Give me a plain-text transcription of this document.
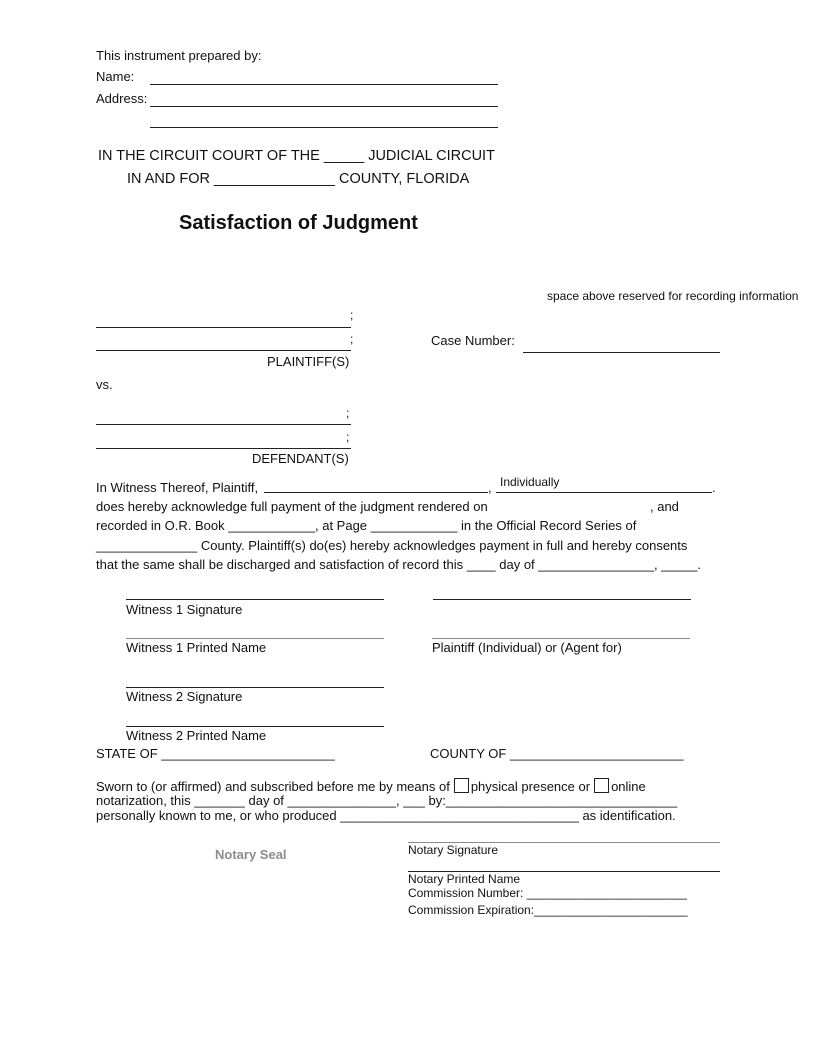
This instrument prepared by:
Name:
Address:
IN THE CIRCUIT COURT OF THE _____ JUDICIAL CIRCUIT
IN AND FOR _______________ COUNTY, FLORIDA
Satisfaction of Judgment
space above reserved for recording information
;
;
PLAINTIFF(S)
Case Number:
vs.
;
;
DEFENDANT(S)
In Witness Thereof, Plaintiff,	, Individually	.
does hereby acknowledge full payment of the judgment rendered on	, and
recorded in O.R. Book ____________, at Page ____________ in the Official Record Series of
______________ County. Plaintiff(s) do(es) hereby acknowledges payment in full and hereby consents
that the same shall be discharged and satisfaction of record this ____ day of ________________, _____.
Witness 1 Signature
Witness 1 Printed Name	Plaintiff (Individual) or (Agent for)
Witness 2 Signature
Witness 2 Printed Name
STATE OF ________________________	COUNTY OF ________________________
Sworn to (or affirmed) and subscribed before me by means of physical presence or online
notarization, this _______ day of _______________, ___ by:________________________________
personally known to me, or who produced _________________________________ as identification.
Notary Seal	Notary Signature
Notary Printed Name
Commission Number: ________________________
Commission Expiration:_______________________
